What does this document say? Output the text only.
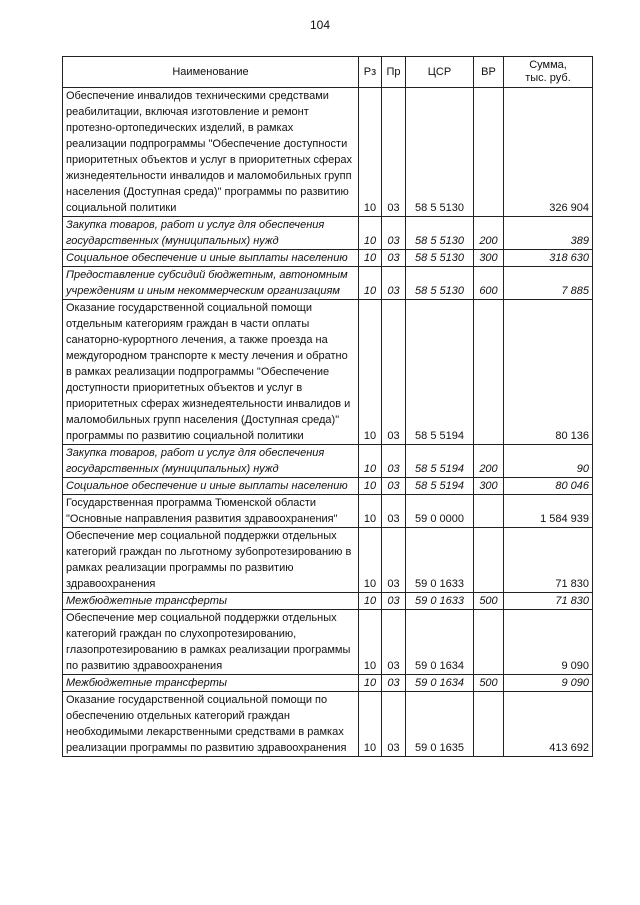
104
Наименование	Рз	Пр	ЦСР	ВР	Сумма,
тыс. руб.

Обеспечение инвалидов техническими средствами реабилитации, включая изготовление и ремонт протезно-ортопедических изделий, в рамках реализации подпрограммы "Обеспечение доступности приоритетных объектов и услуг в приоритетных сферах жизнедеятельности инвалидов и маломобильных групп населения (Доступная среда)" программы по развитию социальной политики	10	03	58 5 5130		326 904
Закупка товаров, работ и услуг для обеспечения государственных (муниципальных) нужд	10	03	58 5 5130	200	389
Социальное обеспечение и иные выплаты населению	10	03	58 5 5130	300	318 630
Предоставление субсидий бюджетным, автономным учреждениям и иным некоммерческим организациям	10	03	58 5 5130	600	7 885
Оказание государственной социальной помощи отдельным категориям граждан в части оплаты санаторно-курортного лечения, а также проезда на междугородном транспорте к месту лечения и обратно в рамках реализации подпрограммы "Обеспечение доступности приоритетных объектов и услуг в приоритетных сферах жизнедеятельности инвалидов и маломобильных групп населения (Доступная среда)" программы по развитию социальной политики	10	03	58 5 5194		80 136
Закупка товаров, работ и услуг для обеспечения государственных (муниципальных) нужд	10	03	58 5 5194	200	90
Социальное обеспечение и иные выплаты населению	10	03	58 5 5194	300	80 046
Государственная программа Тюменской области "Основные направления развития здравоохранения"	10	03	59 0 0000		1 584 939
Обеспечение мер социальной поддержки отдельных категорий граждан по льготному зубопротезированию в рамках реализации программы по развитию здравоохранения	10	03	59 0 1633		71 830
Межбюджетные трансферты	10	03	59 0 1633	500	71 830
Обеспечение мер социальной поддержки отдельных категорий граждан по слухопротезированию, глазопротезированию в рамках реализации программы по развитию здравоохранения	10	03	59 0 1634		9 090
Межбюджетные трансферты	10	03	59 0 1634	500	9 090
Оказание государственной социальной помощи по обеспечению отдельных категорий граждан необходимыми лекарственными средствами в рамках реализации программы по развитию здравоохранения	10	03	59 0 1635		413 692
